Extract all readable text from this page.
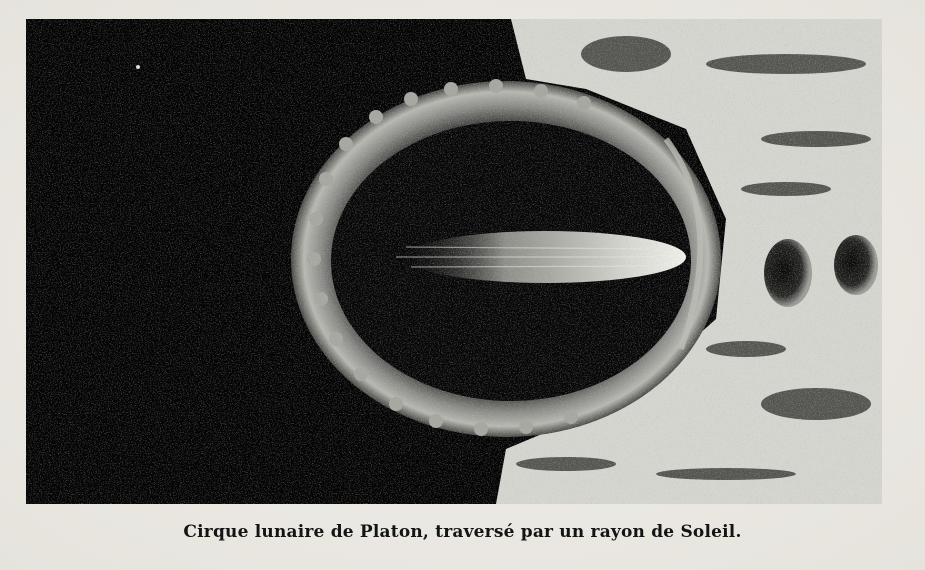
Cirque lunaire de Platon, traversé par un rayon de Soleil.
